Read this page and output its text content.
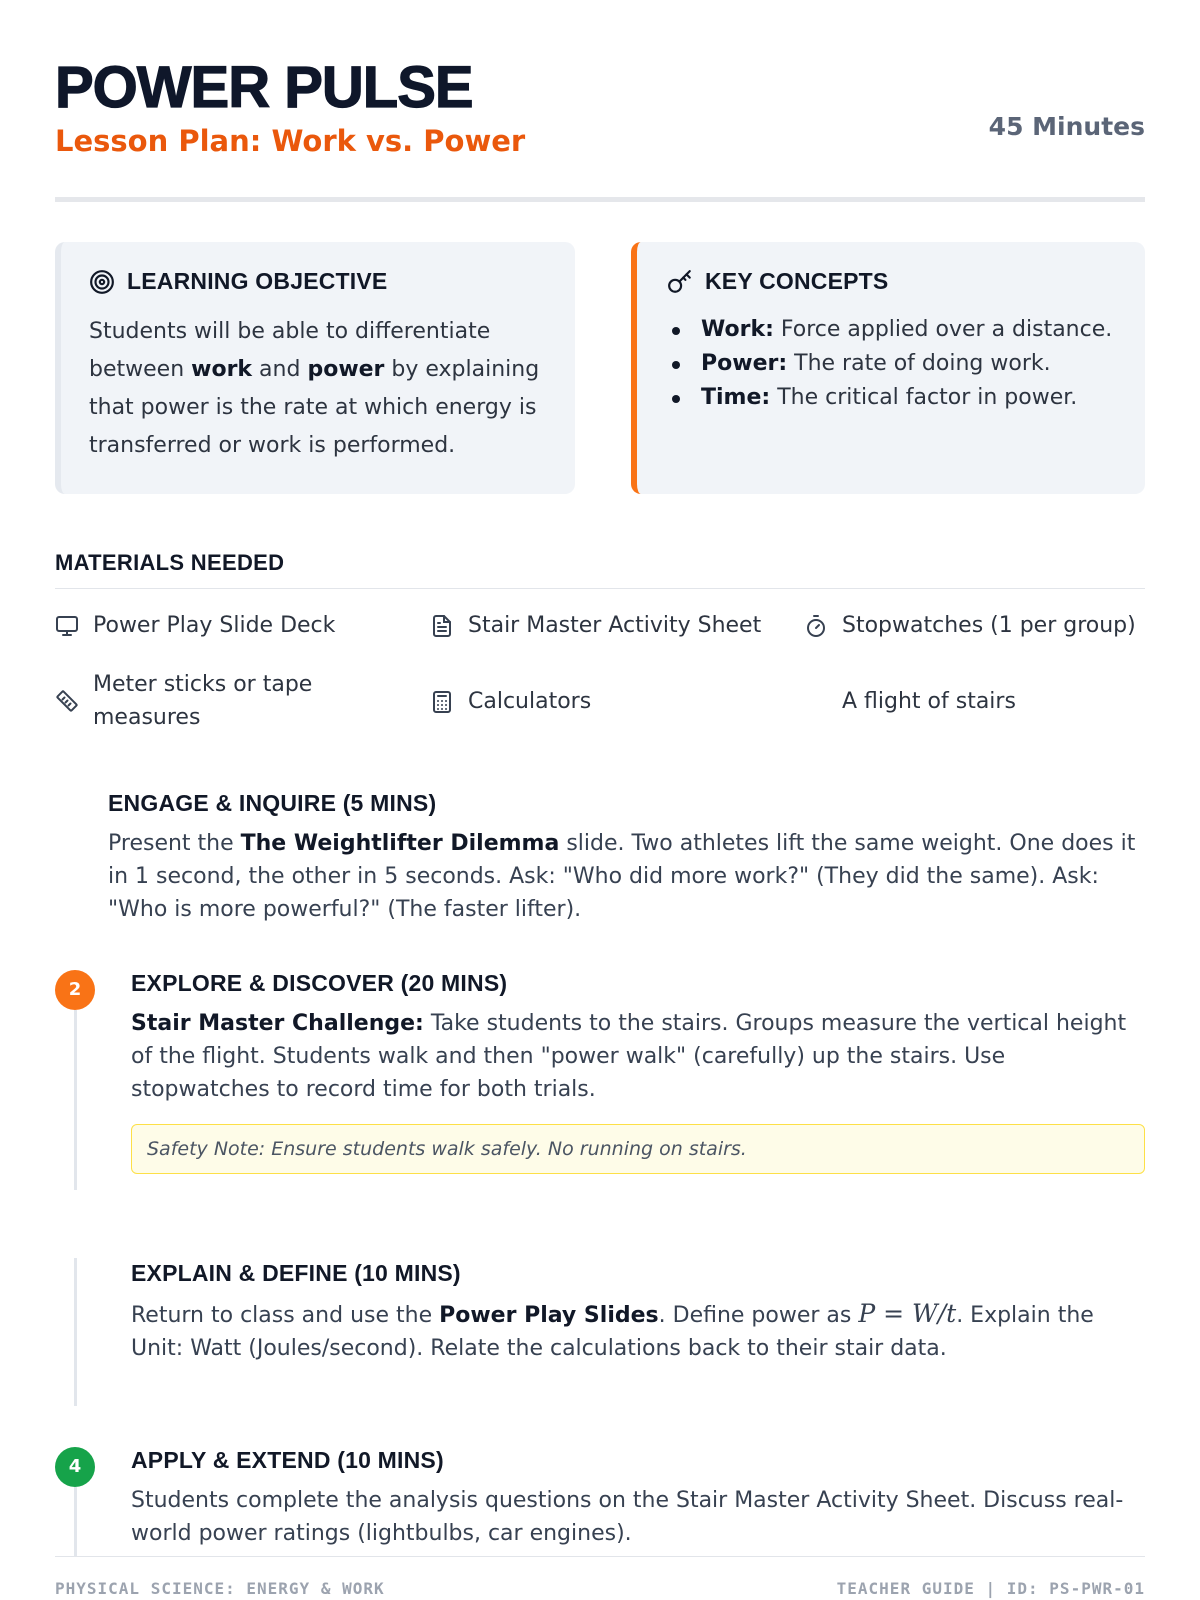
POWER PULSE
Lesson Plan: Work vs. Power	45 Minutes
LEARNING OBJECTIVE

Students will be able to differentiate between work and power by explaining that power is the rate at which energy is transferred or work is performed.

KEY CONCEPTS
Work: Force applied over a distance.
Power: The rate of doing work.
Time: The critical factor in power.
MATERIALS NEEDED
Power Play Slide Deck	Stair Master Activity Sheet	Stopwatches (1 per group)
Meter sticks or tape measures
Calculators	A flight of stairs
ENGAGE & INQUIRE (5 MINS)

Present the The Weightlifter Dilemma slide. Two athletes lift the same weight. One does it in 1 second, the other in 5 seconds. Ask: "Who did more work?" (They did the same). Ask: "Who is more powerful?" (The faster lifter).

2	EXPLORE & DISCOVER (20 MINS)

Stair Master Challenge: Take students to the stairs. Groups measure the vertical height of the flight. Students walk and then "power walk" (carefully) up the stairs. Use stopwatches to record time for both trials.

Safety Note: Ensure students walk safely. No running on stairs.
EXPLAIN & DEFINE (10 MINS)

Return to class and use the Power Play Slides. Define power as P = W/t. Explain the Unit: Watt (Joules/second). Relate the calculations back to their stair data.

4	APPLY & EXTEND (10 MINS)

Students complete the analysis questions on the Stair Master Activity Sheet. Discuss real-world power ratings (lightbulbs, car engines).

PHYSICAL SCIENCE: ENERGY & WORK	TEACHER GUIDE | ID: PS-PWR-01
